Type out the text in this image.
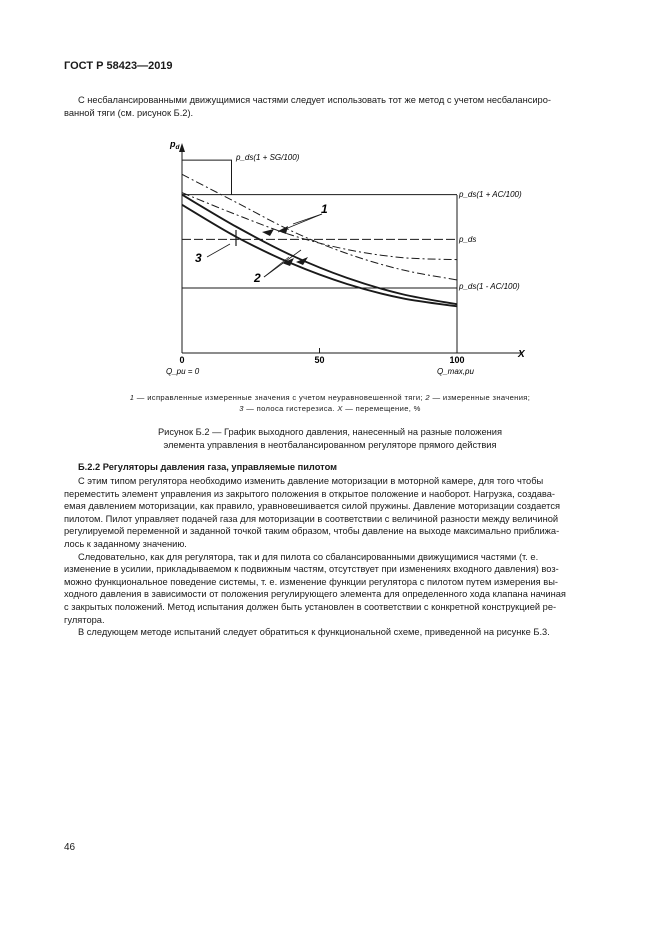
ГОСТ Р 58423—2019

С несбалансированными движущимися частями следует использовать тот же метод с учетом несбалансиро-

ванной тяги (см. рисунок Б.2).

1
2
3
$p_d$
p_ds(1 + SG/100)
p_ds(1 + AC/100)
p_ds
p_ds(1 - AC/100)
0	50	100	X
Q_pu = 0	Q_max,pu
1 — исправленные измеренные значения с учетом неуравновешенной тяги; 2 — измеренные значения;
3 — полоса гистерезиса. X — перемещение, %
Рисунок Б.2 — График выходного давления, нанесенный на разные положения
элемента управления в неотбалансированном регуляторе прямого действия
Б.2.2 Регуляторы давления газа, управляемые пилотом

С этим типом регулятора необходимо изменить давление моторизации в моторной камере, для того чтобы

переместить элемент управления из закрытого положения в открытое положение и наоборот. Нагрузка, создава-

емая давлением моторизации, как правило, уравновешивается силой пружины. Давление моторизации создается

пилотом. Пилот управляет подачей газа для моторизации в соответствии с величиной разности между величиной

регулируемой переменной и заданной точкой таким образом, чтобы давление на выходе максимально приближа-

лось к заданному значению.

Следовательно, как для регулятора, так и для пилота со сбалансированными движущимися частями (т. е.

изменение в усилии, прикладываемом к подвижным частям, отсутствует при изменениях входного давления) воз-

можно функциональное поведение системы, т. е. изменение функции регулятора с пилотом путем измерения вы-

ходного давления в зависимости от положения регулирующего элемента для определенного хода клапана начиная

с закрытых положений. Метод испытания должен быть установлен в соответствии с конкретной конструкцией ре-

гулятора.

В следующем методе испытаний следует обратиться к функциональной схеме, приведенной на рисунке Б.3.

46
